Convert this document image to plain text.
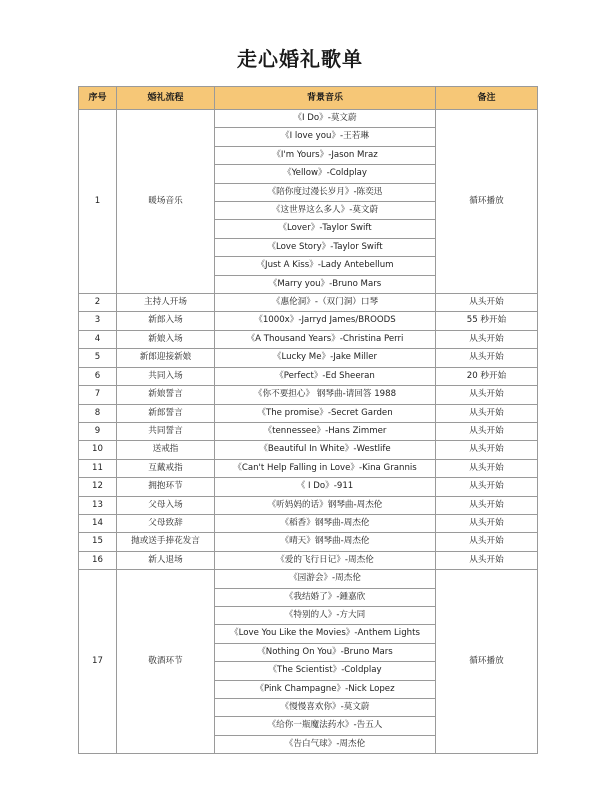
走心婚礼歌单
序号	婚礼流程	背景音乐	备注
1	暖场音乐	《I Do》-莫文蔚	循环播放
		《I love you》-王若琳	
		《I'm Yours》-Jason Mraz	
		《Yellow》-Coldplay	
		《陪你度过漫长岁月》-陈奕迅	
		《这世界这么多人》-莫文蔚	
		《Lover》-Taylor Swift	
		《Love Story》-Taylor Swift	
		《Just A Kiss》-Lady Antebellum	
		《Marry you》-Bruno Mars	
2	主持人开场	《惠伦洞》-（双门洞）口琴	从头开始
3	新郎入场	《1000x》-Jarryd James/BROODS	55 秒开始
4	新娘入场	《A Thousand Years》-Christina Perri	从头开始
5	新郎迎接新娘	《Lucky Me》-Jake Miller	从头开始
6	共同入场	《Perfect》-Ed Sheeran	20 秒开始
7	新娘誓言	《你不要担心》 钢琴曲-请回答 1988	从头开始
8	新郎誓言	《The promise》-Secret Garden	从头开始
9	共同誓言	《tennessee》-Hans Zimmer	从头开始
10	送戒指	《Beautiful In White》-Westlife	从头开始
11	互戴戒指	《Can't Help Falling in Love》-Kina Grannis	从头开始
12	拥抱环节	《 I Do》-911	从头开始
13	父母入场	《听妈妈的话》钢琴曲-周杰伦	从头开始
14	父母致辞	《稻香》钢琴曲-周杰伦	从头开始
15	抛或送手捧花发言	《晴天》钢琴曲-周杰伦	从头开始
16	新人退场	《爱的飞行日记》-周杰伦	从头开始
17	敬酒环节	《园游会》-周杰伦	循环播放
		《我结婚了》-鍾嘉欣	
		《特别的人》-方大同	
		《Love You Like the Movies》-Anthem Lights	
		《Nothing On You》-Bruno Mars	
		《The Scientist》-Coldplay	
		《Pink Champagne》-Nick Lopez	
		《慢慢喜欢你》-莫文蔚	
		《给你一瓶魔法药水》-告五人	
		《告白气球》-周杰伦	
